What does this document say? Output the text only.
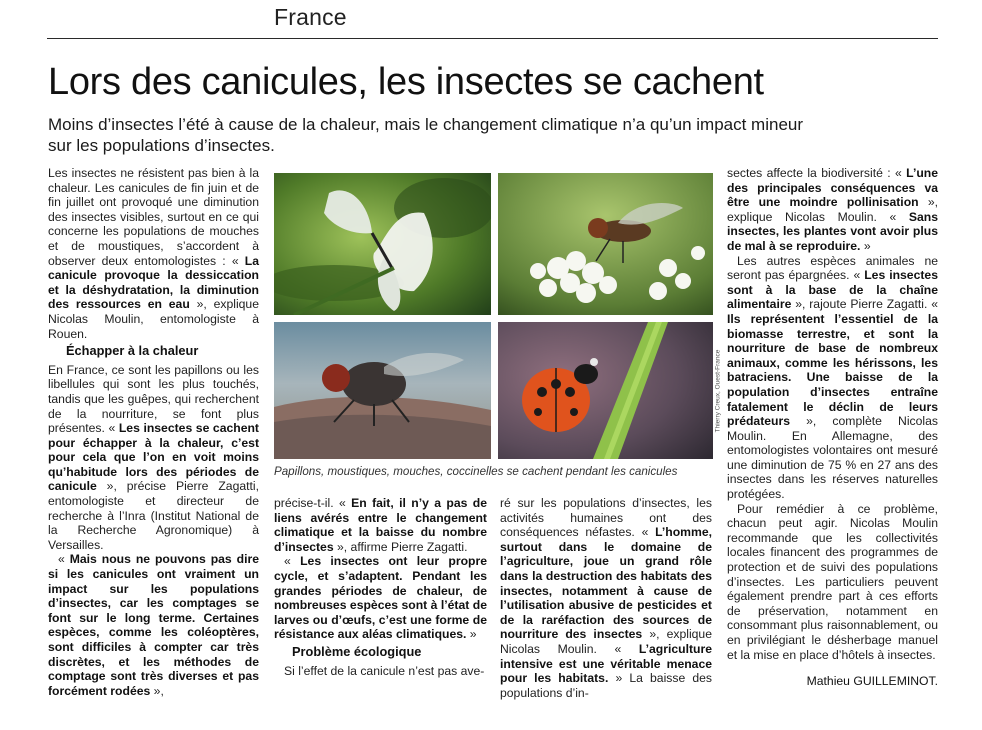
France
Lors des canicules, les insectes se cachent
Moins d’insectes l’été à cause de la chaleur, mais le changement climatique n’a qu’un impact mineur sur les populations d’insectes.

Les insectes ne résistent pas bien à la chaleur. Les canicules de fin juin et de fin juillet ont provoqué une diminution des insectes visibles, surtout en ce qui concerne les populations de mouches et de moustiques, s’accordent à observer deux entomologistes : « La canicule provoque la dessiccation et la déshydratation, la diminution des ressources en eau », explique Nicolas Moulin, entomologiste à Rouen.

Échapper à la chaleur

En France, ce sont les papillons ou les libellules qui sont les plus touchés, tandis que les guêpes, qui recherchent de la nourriture, se font plus présentes. « Les insectes se cachent pour échapper à la chaleur, c’est pour cela que l’on en voit moins qu’habitude lors des périodes de canicule », précise Pierre Zagatti, entomologiste et directeur de recherche à l’Inra (Institut National de la Recherche Agronomique) à Versailles.

« Mais nous ne pouvons pas dire si les canicules ont vraiment un impact sur les populations d’insectes, car les comptages se font sur le long terme. Certaines espèces, comme les coléoptères, sont difficiles à compter car très discrètes, et les méthodes de comptage sont très diverses et pas forcément rodées »,

Thierry Creux, Ouest-France
Papillons, moustiques, mouches, coccinelles se cachent pendant les canicules

précise-t-il. « En fait, il n’y a pas de liens avérés entre le changement climatique et la baisse du nombre d’insectes », affirme Pierre Zagatti.

« Les insectes ont leur propre cycle, et s’adaptent. Pendant les grandes périodes de chaleur, de nombreuses espèces sont à l’état de larves ou d’œufs, c’est une forme de résistance aux aléas climatiques. »

Problème écologique

Si l’effet de la canicule n’est pas ave-

ré sur les populations d’insectes, les activités humaines ont des conséquences néfastes. « L’homme, surtout dans le domaine de l’agriculture, joue un grand rôle dans la destruction des habitats des insectes, notamment à cause de l’utilisation abusive de pesticides et de la raréfaction des sources de nourriture des insectes », explique Nicolas Moulin. « L’agriculture intensive est une véritable menace pour les habitats. » La baisse des populations d’in-

sectes affecte la biodiversité : « L’une des principales conséquences va être une moindre pollinisation », explique Nicolas Moulin. « Sans insectes, les plantes vont avoir plus de mal à se reproduire. »

Les autres espèces animales ne seront pas épargnées. « Les insectes sont à la base de la chaîne alimentaire », rajoute Pierre Zagatti. « Ils représentent l’essentiel de la biomasse terrestre, et sont la nourriture de base de nombreux animaux, comme les hérissons, les batraciens. Une baisse de la population d’insectes entraîne fatalement le déclin de leurs prédateurs », complète Nicolas Moulin. En Allemagne, des entomologistes volontaires ont mesuré une diminution de 75 % en 27 ans des insectes dans les réserves naturelles protégées.

Pour remédier à ce problème, chacun peut agir. Nicolas Moulin recommande que les collectivités locales financent des programmes de protection et de suivi des populations d’insectes. Les particuliers peuvent également prendre part à ces efforts de préservation, notamment en consommant plus raisonnablement, ou en privilégiant le désherbage manuel et la mise en place d’hôtels à insectes.

Mathieu GUILLEMINOT.
